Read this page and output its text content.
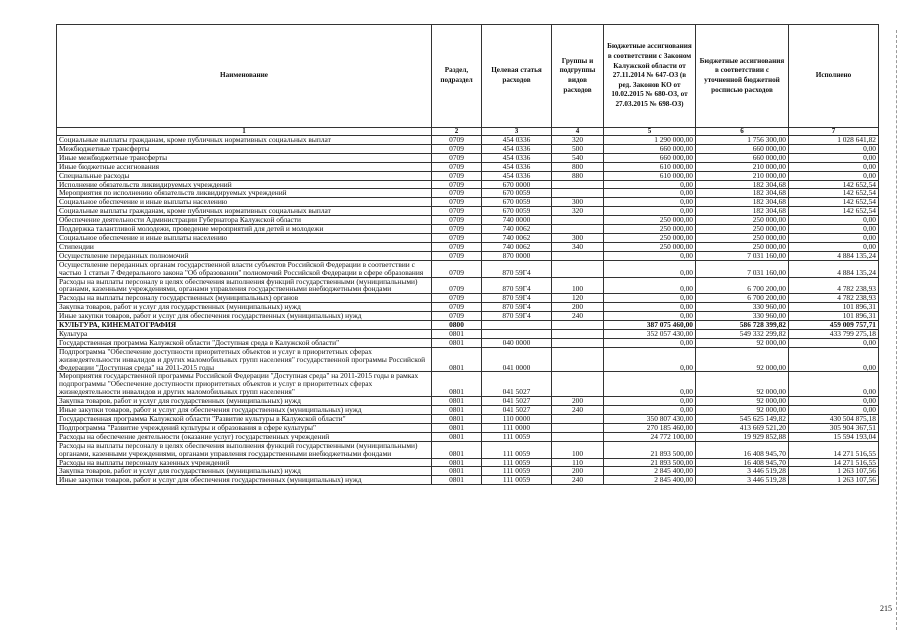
Наименование	Раздел, подраздел	Целевая статья расходов	Группы и подгруппы видов расходов	Бюджетные ассигнования в соответствии с Законом Калужской области от 27.11.2014 № 647-ОЗ (в ред. Законов КО от 10.02.2015 № 680-ОЗ, от 27.03.2015 № 698-ОЗ)	Бюджетные ассигнования в соответствии с уточненной бюджетной росписью расходов	Исполнено
1	2	3	4	5	6	7
Социальные выплаты гражданам, кроме публичных нормативных социальных выплат	0709	454 0336	320	1 290 000,00	1 756 300,00	1 028 641,82
Межбюджетные трансферты	0709	454 0336	500	660 000,00	660 000,00	0,00
Иные межбюджетные трансферты	0709	454 0336	540	660 000,00	660 000,00	0,00
Иные бюджетные ассигнования	0709	454 0336	800	610 000,00	210 000,00	0,00
Специальные расходы	0709	454 0336	880	610 000,00	210 000,00	0,00
Исполнение обязательств ликвидируемых учреждений	0709	670 0000		0,00	182 304,68	142 652,54
Мероприятия по исполнению обязательств ликвидируемых учреждений	0709	670 0059		0,00	182 304,68	142 652,54
Социальное обеспечение и иные выплаты населению	0709	670 0059	300	0,00	182 304,68	142 652,54
Социальные выплаты гражданам, кроме публичных нормативных социальных выплат	0709	670 0059	320	0,00	182 304,68	142 652,54
Обеспечение деятельности Администрации Губернатора Калужской области	0709	740 0000		250 000,00	250 000,00	0,00
Поддержка талантливой молодежи, проведение мероприятий для детей и молодежи	0709	740 0062		250 000,00	250 000,00	0,00
Социальное обеспечение и иные выплаты населению	0709	740 0062	300	250 000,00	250 000,00	0,00
Стипендии	0709	740 0062	340	250 000,00	250 000,00	0,00
Осуществление переданных полномочий	0709	870 0000		0,00	7 031 160,00	4 884 135,24
Осуществление переданных органам государственной власти субъектов Российской Федерации в соответствии с частью 1 статьи 7 Федерального закона "Об образовании" полномочий Российской Федерации в сфере образования	0709	870 59Г4		0,00	7 031 160,00	4 884 135,24
Расходы на выплаты персоналу в целях обеспечения выполнения функций государственными (муниципальными) органами, казенными учреждениями, органами управления государственными внебюджетными фондами	0709	870 59Г4	100	0,00	6 700 200,00	4 782 238,93
Расходы на выплаты персоналу государственных (муниципальных) органов	0709	870 59Г4	120	0,00	6 700 200,00	4 782 238,93
Закупка товаров, работ и услуг для государственных (муниципальных) нужд	0709	870 59Г4	200	0,00	330 960,00	101 896,31
Иные закупки товаров, работ и услуг для обеспечения государственных (муниципальных) нужд	0709	870 59Г4	240	0,00	330 960,00	101 896,31
КУЛЬТУРА, КИНЕМАТОГРАФИЯ	0800			387 075 460,00	586 728 399,82	459 009 757,71
Культура	0801			352 057 430,00	549 332 299,82	433 799 275,18
Государственная программа Калужской области "Доступная среда в Калужской области"	0801	040 0000		0,00	92 000,00	0,00
Подпрограмма "Обеспечение доступности приоритетных объектов и услуг в приоритетных сферах жизнедеятельности инвалидов и других маломобильных групп населения" государственной программы Российской Федерации "Доступная среда" на 2011-2015 годы	0801	041 0000		0,00	92 000,00	0,00
Мероприятия государственной программы Российской Федерации "Доступная среда" на 2011-2015 годы в рамках подпрограммы "Обеспечение доступности приоритетных объектов и услуг в приоритетных сферах жизнедеятельности инвалидов и других маломобильных групп населения"	0801	041 5027		0,00	92 000,00	0,00
Закупка товаров, работ и услуг для государственных (муниципальных) нужд	0801	041 5027	200	0,00	92 000,00	0,00
Иные закупки товаров, работ и услуг для обеспечения государственных (муниципальных) нужд	0801	041 5027	240	0,00	92 000,00	0,00
Государственная программа Калужской области "Развитие культуры в Калужской области"	0801	110 0000		350 807 430,00	545 625 149,82	430 504 875,18
Подпрограмма "Развитие учреждений культуры и образования в сфере культуры"	0801	111 0000		270 185 460,00	413 669 521,20	305 904 367,51
Расходы на обеспечение деятельности (оказание услуг) государственных учреждений	0801	111 0059		24 772 100,00	19 929 852,88	15 594 193,04
Расходы на выплаты персоналу в целях обеспечения выполнения функций государственными (муниципальными) органами, казенными учреждениями, органами управления государственными внебюджетными фондами	0801	111 0059	100	21 893 500,00	16 408 945,70	14 271 516,55
Расходы на выплаты персоналу казенных учреждений	0801	111 0059	110	21 893 500,00	16 408 945,70	14 271 516,55
Закупка товаров, работ и услуг для государственных (муниципальных) нужд	0801	111 0059	200	2 845 400,00	3 446 519,28	1 263 107,56
Иные закупки товаров, работ и услуг для обеспечения государственных (муниципальных) нужд	0801	111 0059	240	2 845 400,00	3 446 519,28	1 263 107,56
215
